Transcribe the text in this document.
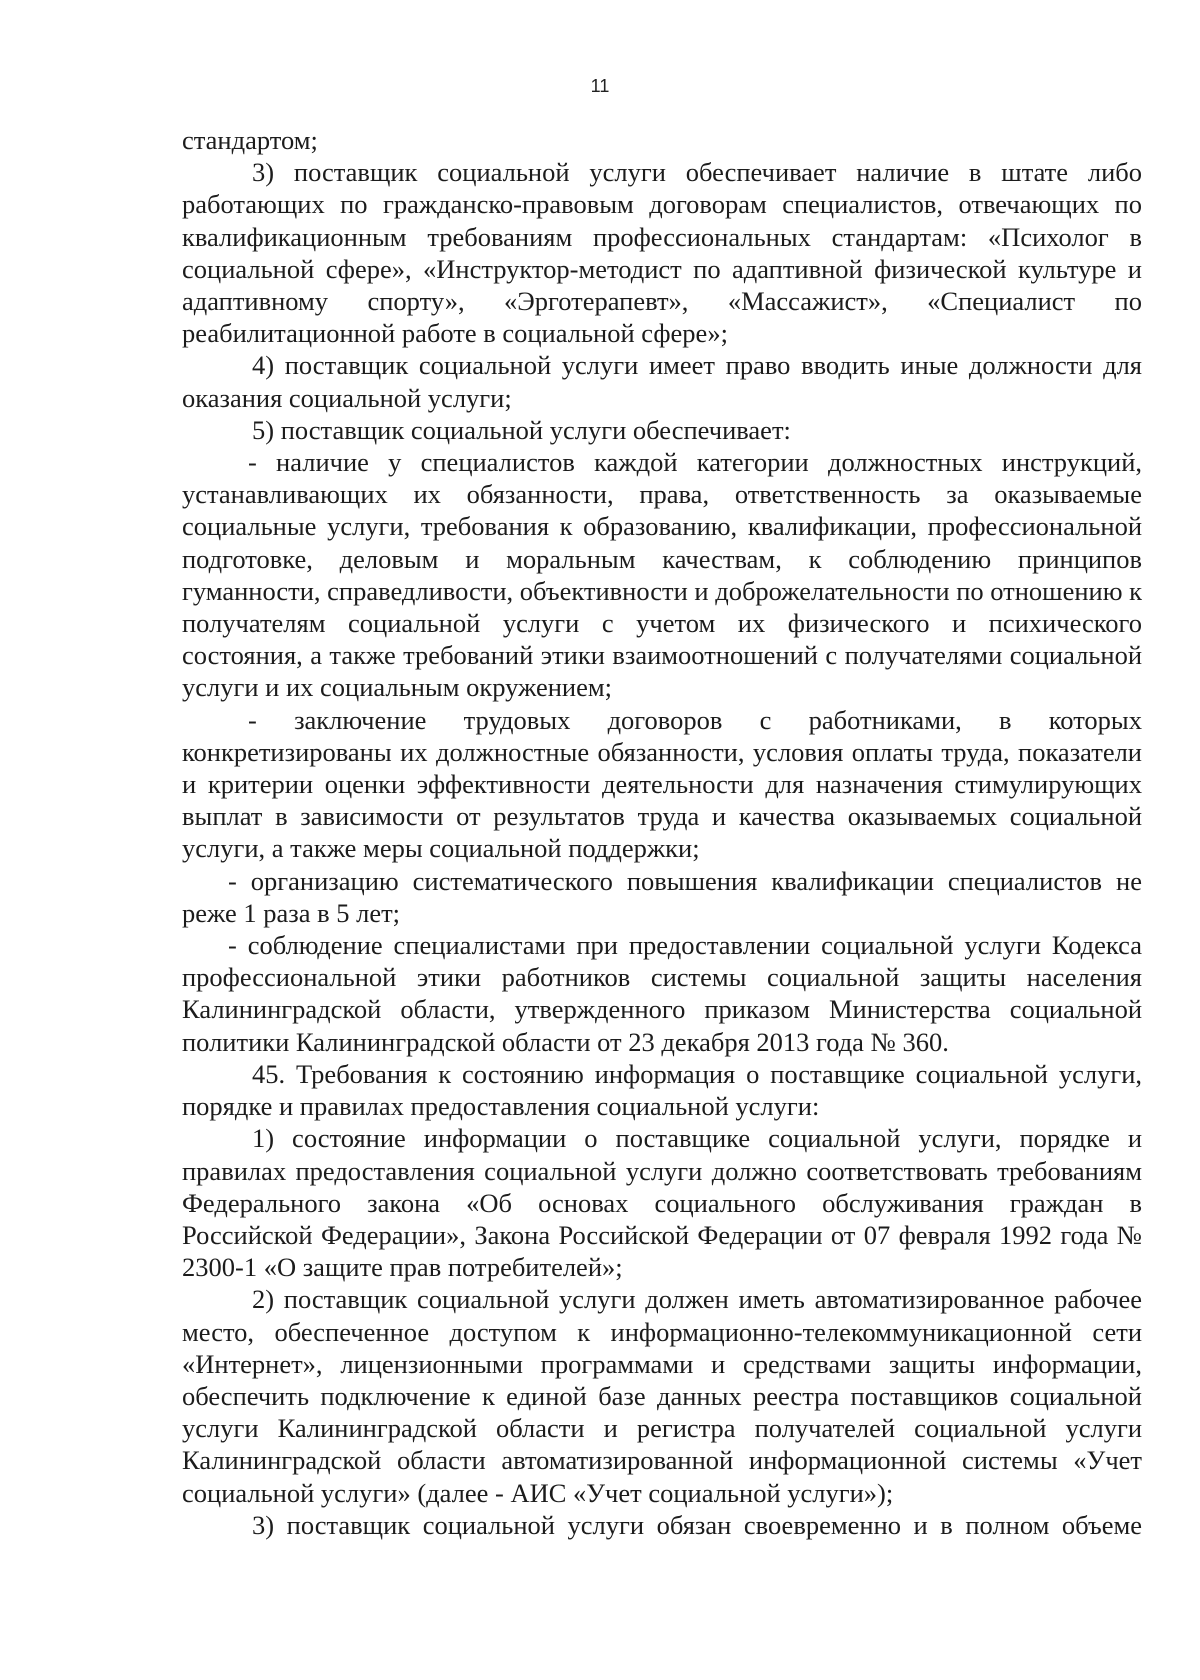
11

стандартом;

3) поставщик социальной услуги обеспечивает наличие в штате либо работающих по гражданско-правовым договорам специалистов, отвечающих по квалификационным требованиям профессиональных стандартам: «Психолог в социальной сфере», «Инструктор-методист по адаптивной физической культуре и адаптивному спорту», «Эрготерапевт», «Массажист», «Специалист по реабилитационной работе в социальной сфере»;

4) поставщик социальной услуги имеет право вводить иные должности для оказания социальной услуги;

5) поставщик социальной услуги обеспечивает:

- наличие у специалистов каждой категории должностных инструкций, устанавливающих их обязанности, права, ответственность за оказываемые социальные услуги, требования к образованию, квалификации, профессиональной подготовке, деловым и моральным качествам, к соблюдению принципов гуманности, справедливости, объективности и доброжелательности по отношению к получателям социальной услуги с учетом их физического и психического состояния, а также требований этики взаимоотношений с получателями социальной услуги и их социальным окружением;

- заключение трудовых договоров с работниками, в которых конкретизированы их должностные обязанности, условия оплаты труда, показатели и критерии оценки эффективности деятельности для назначения стимулирующих выплат в зависимости от результатов труда и качества оказываемых социальной услуги, а также меры социальной поддержки;

- организацию систематического повышения квалификации специалистов не реже 1 раза в 5 лет;

- соблюдение специалистами при предоставлении социальной услуги Кодекса профессиональной этики работников системы социальной защиты населения Калининградской области, утвержденного приказом Министерства социальной политики Калининградской области от 23 декабря 2013 года № 360.

45. Требования к состоянию информация о поставщике социальной услуги, порядке и правилах предоставления социальной услуги:

1) состояние информации о поставщике социальной услуги, порядке и правилах предоставления социальной услуги должно соответствовать требованиям Федерального закона «Об основах социального обслуживания граждан в Российской Федерации», Закона Российской Федерации от 07 февраля 1992 года № 2300-1 «О защите прав потребителей»;

2) поставщик социальной услуги должен иметь автоматизированное рабочее место, обеспеченное доступом к информационно-телекоммуникационной сети «Интернет», лицензионными программами и средствами защиты информации, обеспечить подключение к единой базе данных реестра поставщиков социальной услуги Калининградской области и регистра получателей социальной услуги Калининградской области автоматизированной информационной системы «Учет социальной услуги» (далее - АИС «Учет социальной услуги»);

3) поставщик социальной услуги обязан своевременно и в полном объеме
